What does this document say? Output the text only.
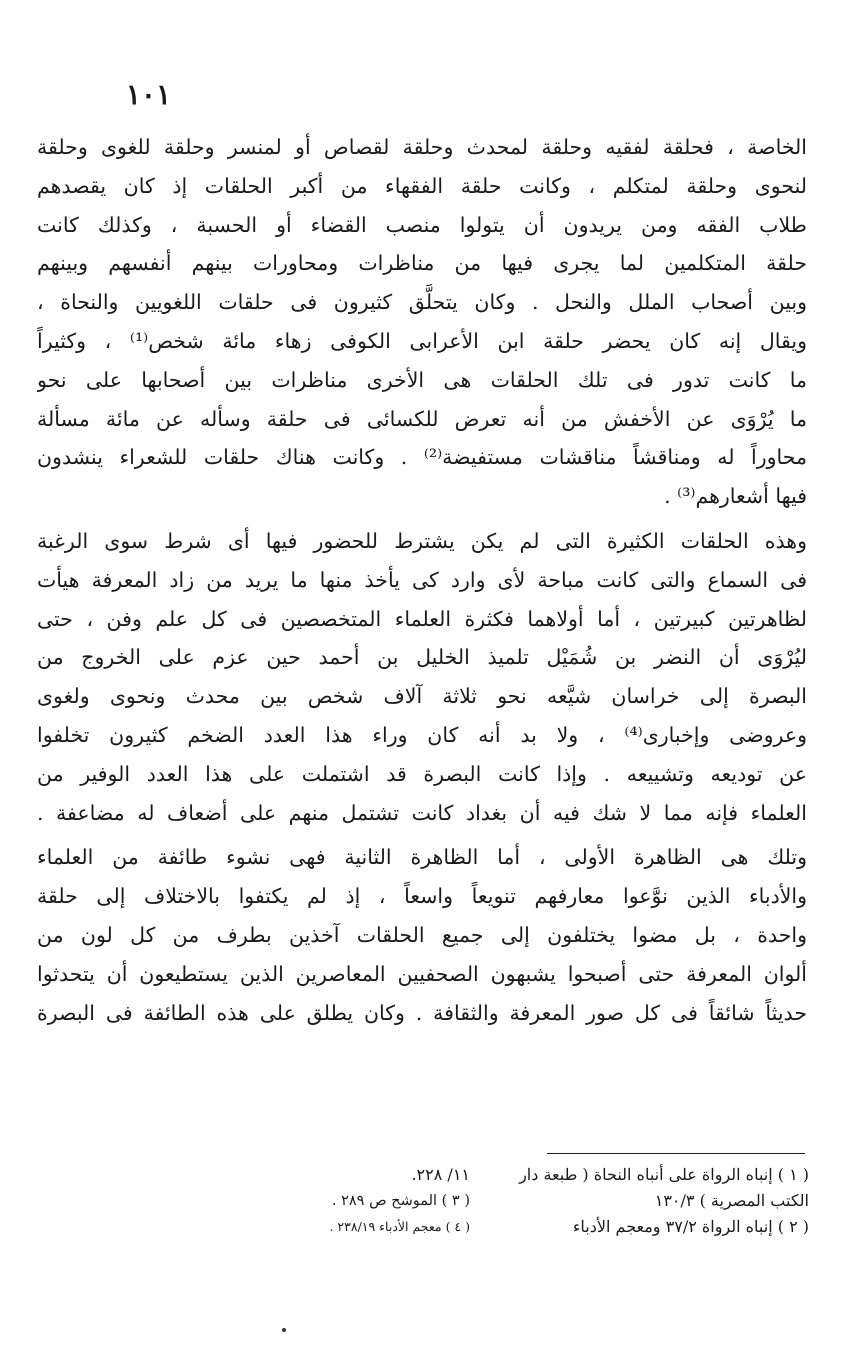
١٠١
الخاصة ، فحلقة لفقيه وحلقة لمحدث وحلقة لقصاص أو لمنسر وحلقة للغوى وحلقة
لنحوى وحلقة لمتكلم ، وكانت حلقة الفقهاء من أكبر الحلقات إذ كان يقصدهم
طلاب الفقه ومن يريدون أن يتولوا منصب القضاء أو الحسبة ، وكذلك كانت
حلقة المتكلمين لما يجرى فيها من مناظرات ومحاورات بينهم أنفسهم وبينهم
وبين أصحاب الملل والنحل . وكان يتحلَّق كثيرون فى حلقات اللغويين والنحاة ،
ويقال إنه كان يحضر حلقة ابن الأعرابى الكوفى زهاء مائة شخص⁽¹⁾ ، وكثيراً
ما كانت تدور فى تلك الحلقات هى الأخرى مناظرات بين أصحابها على نحو
ما يُرْوَى عن الأخفش من أنه تعرض للكسائى فى حلقة وسأله عن مائة مسألة
محاوراً له ومناقشاً مناقشات مستفيضة⁽²⁾ . وكانت هناك حلقات للشعراء ينشدون
فيها أشعارهم⁽³⁾ .
وهذه الحلقات الكثيرة التى لم يكن يشترط للحضور فيها أى شرط سوى الرغبة
فى السماع والتى كانت مباحة لأى وارد كى يأخذ منها ما يريد من زاد المعرفة هيأت
لظاهرتين كبيرتين ، أما أولاهما فكثرة العلماء المتخصصين فى كل علم وفن ، حتى
ليُرْوَى أن النضر بن شُمَيْل تلميذ الخليل بن أحمد حين عزم على الخروج من
البصرة إلى خراسان شيَّعه نحو ثلاثة آلاف شخص بين محدث ونحوى ولغوى
وعروضى وإخبارى⁽⁴⁾ ، ولا بد أنه كان وراء هذا العدد الضخم كثيرون تخلفوا
عن توديعه وتشييعه . وإذا كانت البصرة قد اشتملت على هذا العدد الوفير من
العلماء فإنه مما لا شك فيه أن بغداد كانت تشتمل منهم على أضعاف له مضاعفة .
وتلك هى الظاهرة الأولى ، أما الظاهرة الثانية فهى نشوء طائفة من العلماء
والأدباء الذين نوَّعوا معارفهم تنويعاً واسعاً ، إذ لم يكتفوا بالاختلاف إلى حلقة
واحدة ، بل مضوا يختلفون إلى جميع الحلقات آخذين بطرف من كل لون من
ألوان المعرفة حتى أصبحوا يشبهون الصحفيين المعاصرين الذين يستطيعون أن يتحدثوا
حديثاً شائقاً فى كل صور المعرفة والثقافة . وكان يطلق على هذه الطائفة فى البصرة
( ١ ) إنباه الرواة على أنباه النحاة ( طبعة دار
الكتب المصرية ) ١٣٠/٣
( ٢ ) إنباه الرواة ٣٧/٢ ومعجم الأدباء
١١/ ٢٢٨.
( ٣ ) الموشح ص ٢٨٩ .
( ٤ ) معجم الأدباء ٢٣٨/١٩ .
